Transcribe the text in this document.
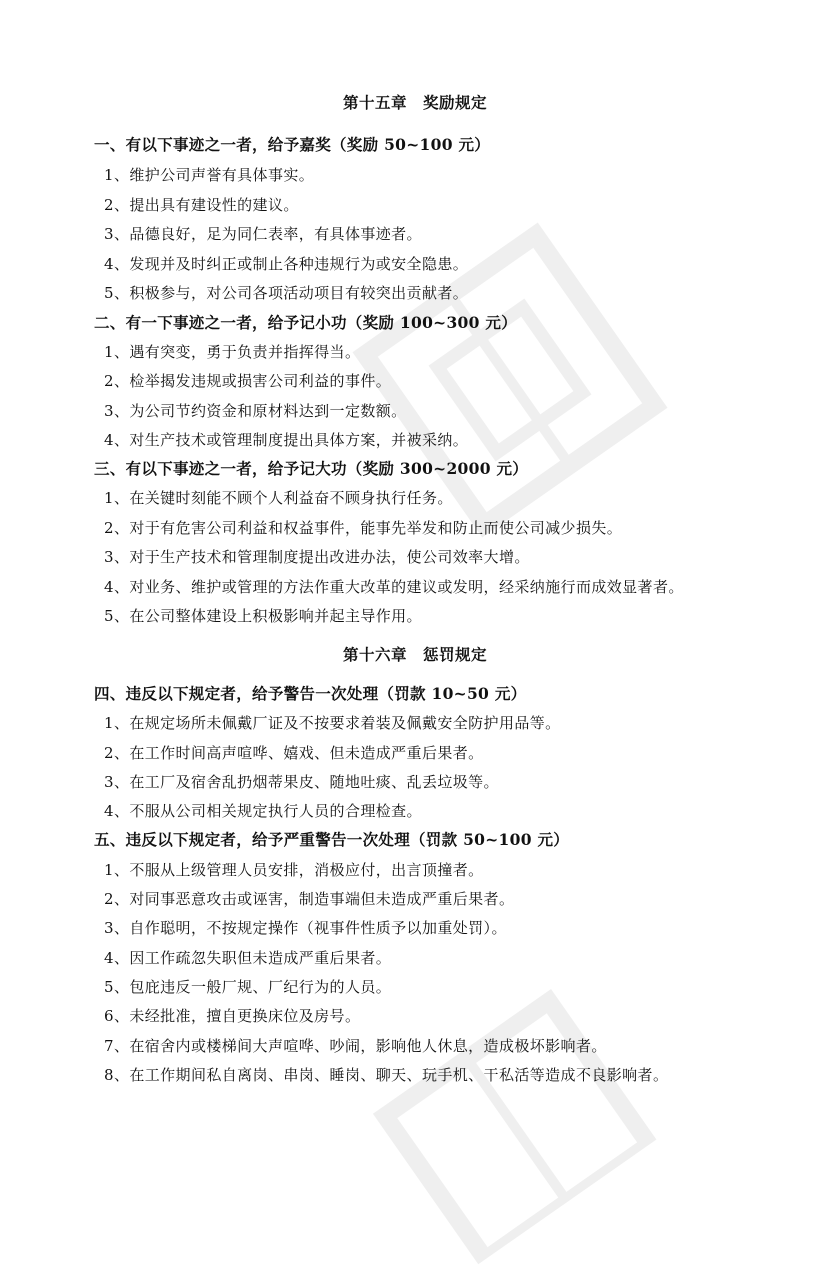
第十五章　奖励规定
一、有以下事迹之一者，给予嘉奖（奖励 50~100 元）
1、维护公司声誉有具体事实。
2、提出具有建设性的建议。
3、品德良好，足为同仁表率，有具体事迹者。
4、发现并及时纠正或制止各种违规行为或安全隐患。
5、积极参与，对公司各项活动项目有较突出贡献者。
二、有一下事迹之一者，给予记小功（奖励 100~300 元）
1、遇有突变，勇于负责并指挥得当。
2、检举揭发违规或损害公司利益的事件。
3、为公司节约资金和原材料达到一定数额。
4、对生产技术或管理制度提出具体方案，并被采纳。
三、有以下事迹之一者，给予记大功（奖励 300~2000 元）
1、在关键时刻能不顾个人利益奋不顾身执行任务。
2、对于有危害公司利益和权益事件，能事先举发和防止而使公司减少损失。
3、对于生产技术和管理制度提出改进办法，使公司效率大增。
4、对业务、维护或管理的方法作重大改革的建议或发明，经采纳施行而成效显著者。
5、在公司整体建设上积极影响并起主导作用。
第十六章　惩罚规定
四、违反以下规定者，给予警告一次处理（罚款 10~50 元）
1、在规定场所未佩戴厂证及不按要求着装及佩戴安全防护用品等。
2、在工作时间高声喧哗、嬉戏、但未造成严重后果者。
3、在工厂及宿舍乱扔烟蒂果皮、随地吐痰、乱丢垃圾等。
4、不服从公司相关规定执行人员的合理检查。
五、违反以下规定者，给予严重警告一次处理（罚款 50~100 元）
1、不服从上级管理人员安排，消极应付，出言顶撞者。
2、对同事恶意攻击或诬害，制造事端但未造成严重后果者。
3、自作聪明，不按规定操作（视事件性质予以加重处罚）。
4、因工作疏忽失职但未造成严重后果者。
5、包庇违反一般厂规、厂纪行为的人员。
6、未经批准，擅自更换床位及房号。
7、在宿舍内或楼梯间大声喧哗、吵闹，影响他人休息，造成极坏影响者。
8、在工作期间私自离岗、串岗、睡岗、聊天、玩手机、干私活等造成不良影响者。
